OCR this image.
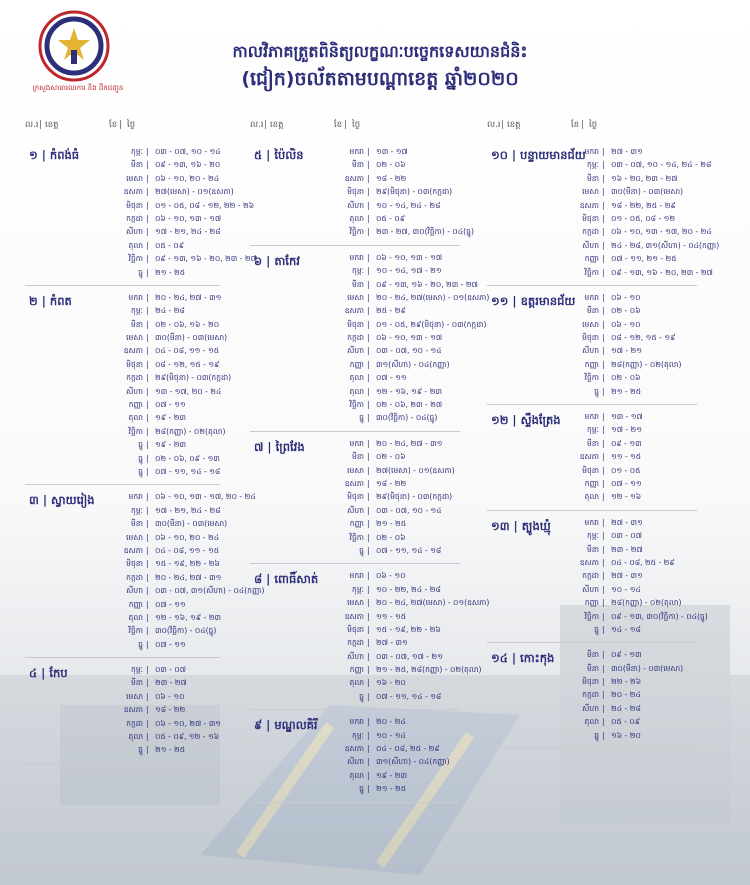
ក្រសួងសាធារណការ និង ដឹកជញ្ជូន
កាលវិភាគត្រួតពិនិត្យលក្ខណៈបច្ចេកទេសយានជំនិះ
(ជៀក)ចល័តតាមបណ្ដាខេត្ត ឆ្នាំ២០២០
ល.រ | ខេត្ត	ខែ | ថ្ងៃ
១ | កំពង់ធំ	កុម្ភៈ | ០៣ - ០៧, ១០ - ១៤
មីនា | ០៩ - ១៣, ១៦ - ២០
មេសា | ០៦ - ១០, ២០ - ២៤
ឧសភា | ២៧(មេសា) - ០១(ឧសភា)
មិថុនា | ០១ - ០៥, ០៨ - ១២, ២២ - ២៦
កក្កដា | ០៦ - ១០, ១៣ - ១៧
សីហា | ១៧ - ២១, ២៤ - ២៨
តុលា | ០៥ - ០៩
វិច្ឆិកា | ០៩ - ១៣, ១៦ - ២០, ២៣ - ២៧
ធ្នូ | ២១ - ២៥
២ | កំពត	មករា | ២០ - ២៤, ២៧ - ៣១
កុម្ភៈ | ២៤ - ២៨
មីនា | ០២ - ០៦, ១៦ - ២០
មេសា | ៣០(មីនា) - ០៣(មេសា)
ឧសភា | ០៤ - ០៨, ១១ - ១៥
មិថុនា | ០៨ - ១២, ១៥ - ១៩
កក្កដា | ២៩(មិថុនា) - ០៣(កក្កដា)
សីហា | ១៣ - ១៧, ២០ - ២៤
កញ្ញា | ០៧ - ១១
តុលា | ១៩ - ២៣
វិច្ឆិកា | ២៨(កញ្ញា) - ០២(តុលា)
ធ្នូ | ១៩ - ២៣
ធ្នូ | ០២ - ០៦, ០៩ - ១៣
ធ្នូ | ០៧ - ១១, ១៤ - ១៨
៣ | ស្វាយរៀង	មករា | ០៦ - ១០, ១៣ - ១៧, ២០ - ២៤
កុម្ភៈ | ១៧ - ២១, ២៤ - ២៨
មីនា | ៣០(មីនា) - ០៣(មេសា)
មេសា | ០៦ - ១០, ២០ - ២៤
ឧសភា | ០៤ - ០៨, ១១ - ១៥
មិថុនា | ១៥ - ១៩, ២២ - ២៦
កក្កដា | ២០ - ២៤, ២៧ - ៣១
សីហា | ០៣ - ០៧, ៣១(សីហា) - ០៤(កញ្ញា)
កញ្ញា | ០៧ - ១១
តុលា | ១២ - ១៦, ១៩ - ២៣
វិច្ឆិកា | ៣០(វិច្ឆិកា) - ០៤(ធ្នូ)
ធ្នូ | ០៧ - ១១
៤ | កែប	កុម្ភៈ | ០៣ - ០៧
មីនា | ២៣ - ២៧
មេសា | ០៦ - ១០
ឧសភា | ១៨ - ២២
កក្កដា | ០៦ - ១០, ២៧ - ៣១
តុលា | ០៥ - ០៩, ១២ - ១៦
ធ្នូ | ២១ - ២៥
ល.រ | ខេត្ត	ខែ | ថ្ងៃ
៥ | ប៉ៃលិន	មករា | ១៣ - ១៧
មីនា | ០២ - ០៦
ឧសភា | ១៨ - ២២
មិថុនា | ២៩(មិថុនា) - ០៣(កក្កដា)
សីហា | ១០ - ១៤, ២៤ - ២៨
តុលា | ០៥ - ០៩
វិច្ឆិកា | ២៣ - ២៧, ៣០(វិច្ឆិកា) - ០៤(ធ្នូ)
៦ | តាកែវ	មករា | ០៦ - ១០, ១៣ - ១៧
កុម្ភៈ | ១០ - ១៤, ១៧ - ២១
មីនា | ០៩ - ១៣, ១៦ - ២០, ២៣ - ២៧
មេសា | ២០ - ២៤, ២៧(មេសា) - ០១(ឧសភា)
ឧសភា | ២៥ - ២៩
មិថុនា | ០១ - ០៥, ២៩(មិថុនា) - ០៣(កក្កដា)
កក្កដា | ០៦ - ១០, ១៣ - ១៧
សីហា | ០៣ - ០៧, ១០ - ១៤
កញ្ញា | ៣១(សីហា) - ០៤(កញ្ញា)
តុលា | ០៧ - ១១
តុលា | ១២ - ១៦, ១៩ - ២៣
វិច្ឆិកា | ០២ - ០៦, ២៣ - ២៧
ធ្នូ | ៣០(វិច្ឆិកា) - ០៤(ធ្នូ)
៧ | ព្រៃវែង	មករា | ២០ - ២៤, ២៧ - ៣១
មីនា | ០២ - ០៦
មេសា | ២៧(មេសា) - ០១(ឧសភា)
ឧសភា | ១៨ - ២២
មិថុនា | ២៩(មិថុនា) - ០៣(កក្កដា)
សីហា | ០៣ - ០៧, ១០ - ១៤
កញ្ញា | ២១ - ២៥
វិច្ឆិកា | ០២ - ០៦
ធ្នូ | ០៧ - ១១, ១៤ - ១៨
៨ | ពោធិ៍សាត់	មករា | ០៦ - ១០
កុម្ភៈ | ១០ - ២២, ២៤ - ២៨
មេសា | ២០ - ២៤, ២៧(មេសា) - ០១(ឧសភា)
ឧសភា | ១១ - ១៥
មិថុនា | ១៥ - ១៩, ២២ - ២៦
កក្កដា | ២៧ - ៣១
សីហា | ០៣ - ០៧, ១៧ - ២១
កញ្ញា | ២១ - ២៥, ២៨(កញ្ញា) - ០២(តុលា)
តុលា | ១៦ - ២០
ធ្នូ | ០៧ - ១១, ១៤ - ១៨
៩ | មណ្ឌលគិរី	មករា | ២០ - ២៤
កុម្ភៈ | ១០ - ១៤
ឧសភា | ០៤ - ០៨, ២៥ - ២៩
សីហា | ៣១(សីហា) - ០៤(កញ្ញា)
តុលា | ១៩ - ២៣
ធ្នូ | ២១ - ២៥
ល.រ | ខេត្ត	ខែ | ថ្ងៃ
១០ | បន្ទាយមានជ័យ
មករា | ២៧ - ៣១
កុម្ភៈ | ០៣ - ០៧, ១០ - ១៤, ២៤ - ២៨
មីនា | ១៦ - ២០, ២៣ - ២៧
មេសា | ៣០(មីនា) - ០៣(មេសា)
ឧសភា | ១៨ - ២២, ២៥ - ២៩
មិថុនា | ០១ - ០៥, ០៨ - ១២
កក្កដា | ០៦ - ១០, ១៣ - ១៧, ២០ - ២៤
សីហា | ២៤ - ២៨, ៣១(សីហា) - ០៤(កញ្ញា)
កញ្ញា | ០៧ - ១១, ២១ - ២៥
វិច្ឆិកា | ០៩ - ១៣, ១៦ - ២០, ២៣ - ២៧
១១ | ឧត្ដរមានជ័យ	មករា | ០៦ - ១០
មីនា | ០២ - ០៦
មេសា | ០៦ - ១០
មិថុនា | ០៨ - ១២, ១៥ - ១៩
សីហា | ១៧ - ២១
កញ្ញា | ២៨(កញ្ញា) - ០២(តុលា)
វិច្ឆិកា | ០២ - ០៦
ធ្នូ | ២១ - ២៥
១២ | ស្ទឹងត្រែង	មករា | ១៣ - ១៧
កុម្ភៈ | ១៧ - ២១
មីនា | ០៩ - ១៣
ឧសភា | ១១ - ១៥
មិថុនា | ០១ - ០៥
កញ្ញា | ០៧ - ១១
តុលា | ១២ - ១៦
១៣ | ត្បូងឃ្មុំ	មករា | ២៧ - ៣១
កុម្ភៈ | ០៣ - ០៧
មីនា | ២៣ - ២៧
ឧសភា | ០៤ - ០៨, ២៥ - ២៩
កក្កដា | ២៧ - ៣១
សីហា | ១០ - ១៤
កញ្ញា | ២៨(កញ្ញា) - ០២(តុលា)
វិច្ឆិកា | ០៩ - ១៣, ៣០(វិច្ឆិកា) - ០៤(ធ្នូ)
ធ្នូ | ១៤ - ១៨
១៤ | កោះកុង	មីនា | ០៩ - ១៣
មីនា | ៣០(មីនា) - ០៣(មេសា)
មិថុនា | ២២ - ២៦
កក្កដា | ២០ - ២៤
សីហា | ២៤ - ២៨
តុលា | ០៥ - ០៩
ធ្នូ | ១៦ - ២០
